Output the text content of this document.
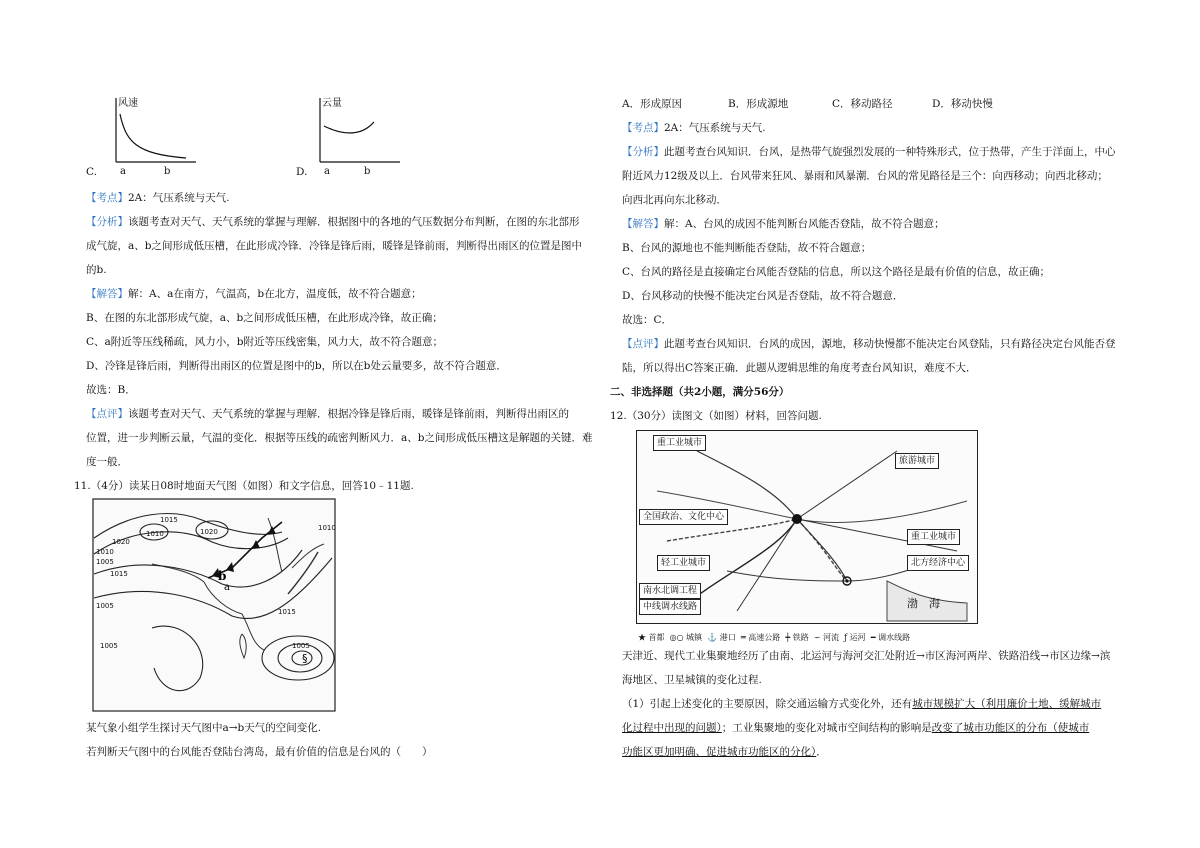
风速
C. a	b
云量
D. a	b
【考点】2A：气压系统与天气.
【分析】该题考查对天气、天气系统的掌握与理解．根据图中的各地的气压数据分布判断，在图的东北部形
成气旋，a、b之间形成低压槽，在此形成冷锋．冷锋是锋后雨，暖锋是锋前雨，判断得出雨区的位置是图中
的b.
【解答】解：A、a在南方，气温高，b在北方，温度低，故不符合题意；
B、在图的东北部形成气旋，a、b之间形成低压槽，在此形成冷锋，故正确；
C、a附近等压线稀疏，风力小，b附近等压线密集，风力大，故不符合题意；
D、冷锋是锋后雨，判断得出雨区的位置是图中的b，所以在b处云量要多，故不符合题意．
故选：B．
【点评】该题考查对天气、天气系统的掌握与理解．根据冷锋是锋后雨，暖锋是锋前雨，判断得出雨区的
位置，进一步判断云量，气温的变化．根据等压线的疏密判断风力．a、b之间形成低压槽这是解题的关键．难
度一般．
11.（4分）读某日08时地面天气图（如图）和文字信息，回答10﹣11题.
§
b
a
1015
1020
1010	1020
1005
1010
1005
1015
1005
1015
1005
1010
某气象小组学生探讨天气图中a→b天气的空间变化.
若判断天气图中的台风能否登陆台湾岛，最有价值的信息是台风的（　　）
A．形成原因	B．形成源地	C．移动路径	D．移动快慢
【考点】2A：气压系统与天气.
【分析】此题考查台风知识．台风，是热带气旋强烈发展的一种特殊形式，位于热带，产生于洋面上，中心
附近风力12级及以上．台风带来狂风、暴雨和风暴潮．台风的常见路径是三个：向西移动；向西北移动；
向西北再向东北移动．
【解答】解：A、台风的成因不能判断台风能否登陆，故不符合题意；
B、台风的源地也不能判断能否登陆，故不符合题意；
C、台风的路径是直接确定台风能否登陆的信息，所以这个路径是最有价值的信息，故正确；
D、台风移动的快慢不能决定台风是否登陆，故不符合题意．
故选：C．
【点评】此题考查台风知识．台风的成因，源地，移动快慢都不能决定台风登陆，只有路径决定台风能否登
陆，所以得出C答案正确．此题从逻辑思维的角度考查台风知识，难度不大．
二、非选择题（共2小题，满分56分）
12.（30分）读图文（如图）材料，回答问题.
重工业城市
旅游城市
全国政治、文化中心
重工业城市
轻工业城市	北方经济中心
南水北调工程
中线调水线路	渤　海
★ 首都 ◎○ 城镇 ⚓ 港口 ═ 高速公路 ┿ 铁路 ∽ 河流 ƒ 运河 ━ 调水线路
天津近、现代工业集聚地经历了由南、北运河与海河交汇处附近→市区海河两岸、铁路沿线→市区边缘→滨
海地区、卫星城镇的变化过程.
（1）引起上述变化的主要原因，除交通运输方式变化外，还有城市规模扩大（利用廉价土地、缓解城市
化过程中出现的问题）；工业集聚地的变化对城市空间结构的影响是改变了城市功能区的分布（使城市
功能区更加明确、促进城市功能区的分化）．
